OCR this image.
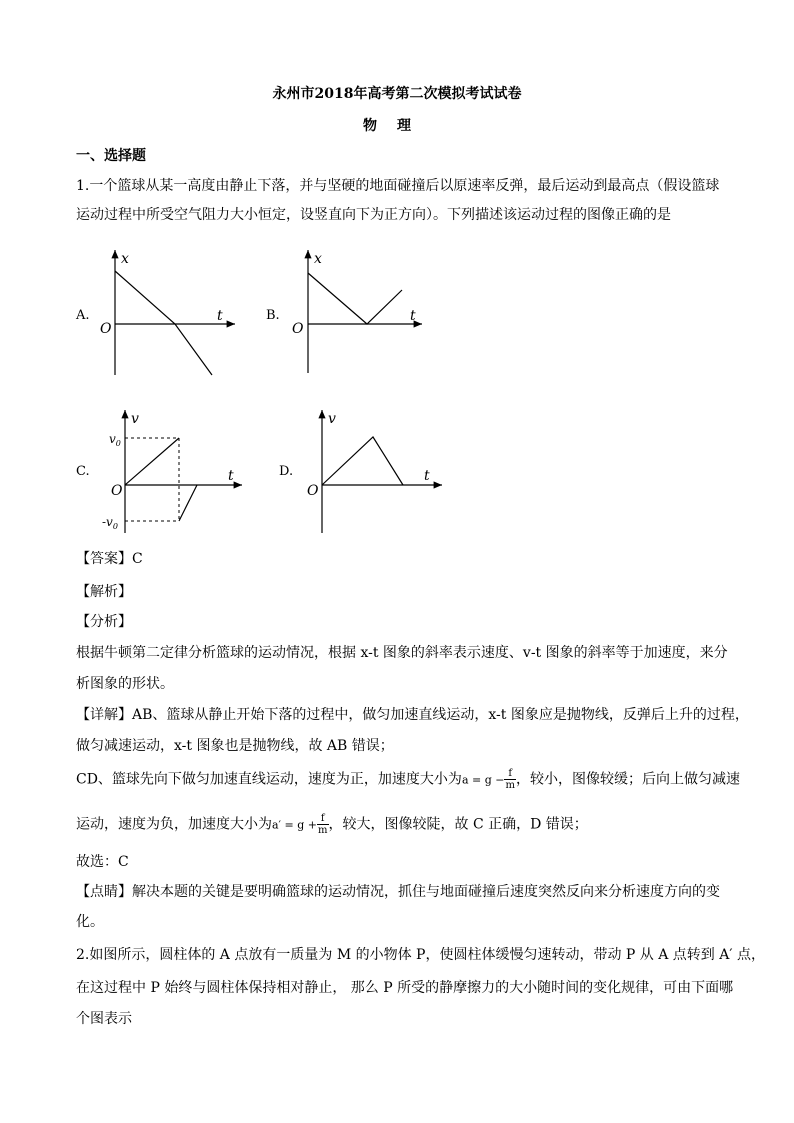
永州市2018年高考第二次模拟考试试卷
物理
一、选择题
1.一个篮球从某一高度由静止下落，并与坚硬的地面碰撞后以原速率反弹，最后运动到最高点（假设篮球
运动过程中所受空气阻力大小恒定，设竖直向下为正方向）。下列描述该运动过程的图像正确的是
A.
x
t
O
B.
x
t
O
C.
v
t
O
$v_0$
$-v_0$
D.
v
t
O
【答案】C
【解析】
【分析】
根据牛顿第二定律分析篮球的运动情况，根据 x-t 图象的斜率表示速度、v-t 图象的斜率等于加速度，来分
析图象的形状。
【详解】AB、篮球从静止开始下落的过程中，做匀加速直线运动，x-t 图象应是抛物线，反弹后上升的过程，
做匀减速运动，x-t 图象也是抛物线，故 AB 错误；
CD、篮球先向下做匀加速直线运动，速度为正，加速度大小为$a = g - \frac{f}{m}$ ，较小，图像较缓；后向上做匀减速
运动，速度为负，加速度大小为$a' = g + \frac{f}{m}$ ，较大，图像较陡，故 C 正确，D 错误；
故选：C
【点睛】解决本题的关键是要明确篮球的运动情况，抓住与地面碰撞后速度突然反向来分析速度方向的变
化。
2.如图所示，圆柱体的 A 点放有一质量为 M 的小物体 P，使圆柱体缓慢匀速转动，带动 P 从 A 点转到 A′ 点，
在这过程中 P 始终与圆柱体保持相对静止， 那么 P 所受的静摩擦力的大小随时间的变化规律，可由下面哪
个图表示
